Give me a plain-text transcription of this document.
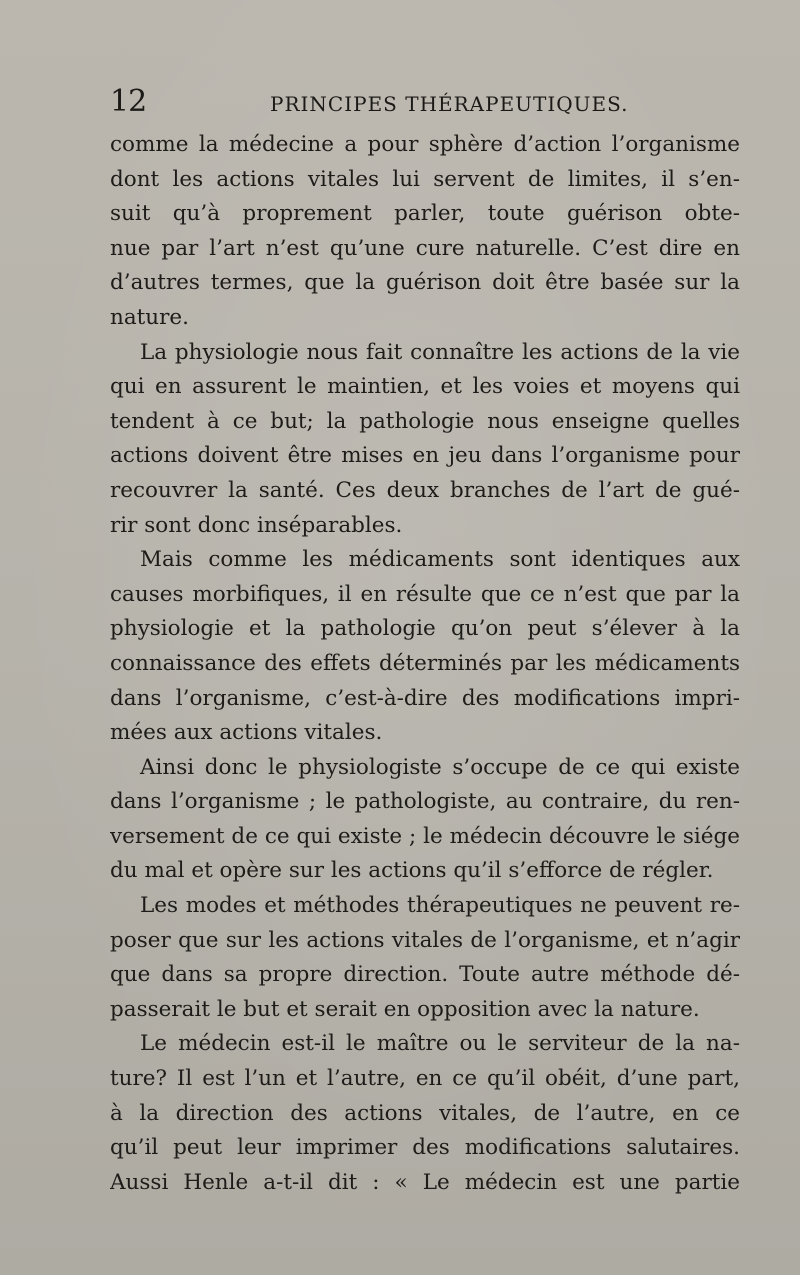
12	PRINCIPES THÉRAPEUTIQUES.
comme la médecine a pour sphère d’action l’organisme
dont les actions vitales lui servent de limites, il s’en-
suit qu’à proprement parler, toute guérison obte-
nue par l’art n’est qu’une cure naturelle. C’est dire en
d’autres termes, que la guérison doit être basée sur la
nature.
La physiologie nous fait connaître les actions de la vie
qui en assurent le maintien, et les voies et moyens qui
tendent à ce but; la pathologie nous enseigne quelles
actions doivent être mises en jeu dans l’organisme pour
recouvrer la santé. Ces deux branches de l’art de gué-
rir sont donc inséparables.
Mais comme les médicaments sont identiques aux
causes morbifiques, il en résulte que ce n’est que par la
physiologie et la pathologie qu’on peut s’élever à la
connaissance des effets déterminés par les médicaments
dans l’organisme, c’est-à-dire des modifications impri-
mées aux actions vitales.
Ainsi donc le physiologiste s’occupe de ce qui existe
dans l’organisme ; le pathologiste, au contraire, du ren-
versement de ce qui existe ; le médecin découvre le siége
du mal et opère sur les actions qu’il s’efforce de régler.
Les modes et méthodes thérapeutiques ne peuvent re-
poser que sur les actions vitales de l’organisme, et n’agir
que dans sa propre direction. Toute autre méthode dé-
passerait le but et serait en opposition avec la nature.
Le médecin est-il le maître ou le serviteur de la na-
ture? Il est l’un et l’autre, en ce qu’il obéit, d’une part,
à la direction des actions vitales, de l’autre, en ce
qu’il peut leur imprimer des modifications salutaires.
Aussi Henle a-t-il dit : « Le médecin est une partie
